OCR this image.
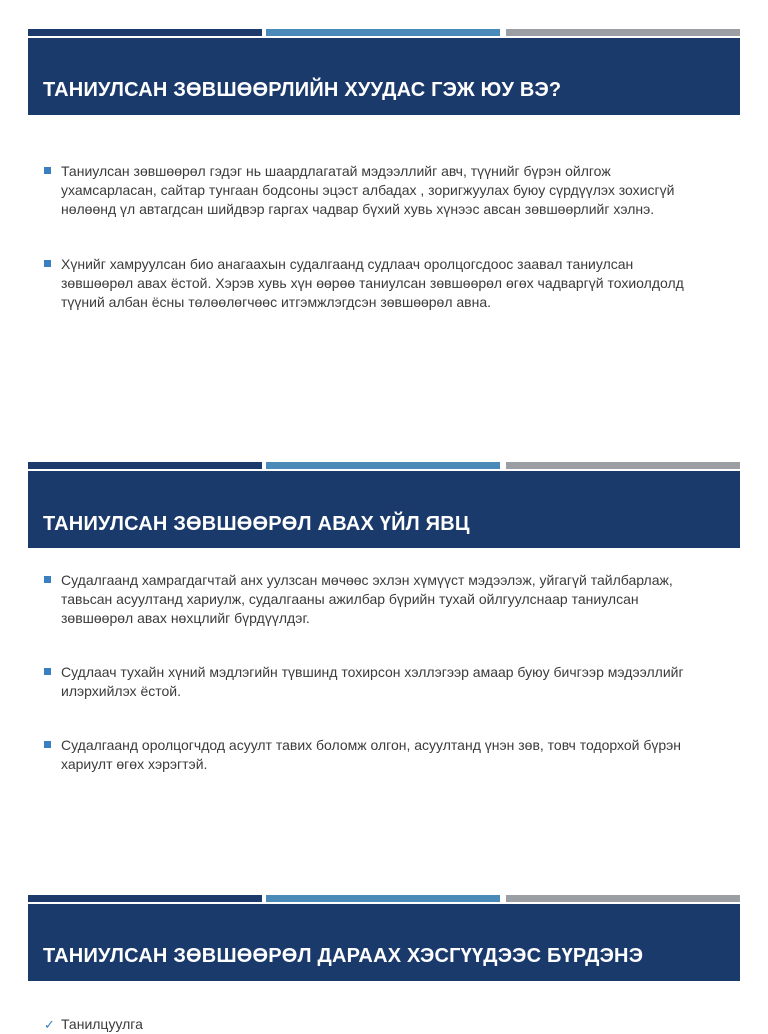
ТАНИУЛСАН ЗӨВШӨӨРЛИЙН ХУУДАС ГЭЖ ЮУ ВЭ?
Таниулсан зөвшөөрөл гэдэг нь шаардлагатай мэдээллийг авч, түүнийг бүрэн ойлгож ухамсарласан, сайтар тунгаан бодсоны эцэст албадах , зоригжуулах буюу сүрдүүлэх зохисгүй нөлөөнд үл автагдсан шийдвэр гаргах чадвар бүхий хувь хүнээс авсан зөвшөөрлийг хэлнэ.
Хүнийг хамруулсан био анагаахын судалгаанд судлаач оролцогсдоос заавал таниулсан зөвшөөрөл авах ёстой. Хэрэв хувь хүн өөрөө таниулсан зөвшөөрөл өгөх чадваргүй тохиолдолд түүний албан ёсны төлөөлөгчөөс итгэмжлэгдсэн зөвшөөрөл авна.
ТАНИУЛСАН ЗӨВШӨӨРӨЛ АВАХ ҮЙЛ ЯВЦ
Судалгаанд хамрагдагчтай анх уулзсан мөчөөс эхлэн хүмүүст мэдээлэж, уйгагүй тайлбарлаж, тавьсан асуултанд хариулж, судалгааны ажилбар бүрийн тухай ойлгуулснаар таниулсан зөвшөөрөл авах нөхцлийг бүрдүүлдэг.
Судлаач тухайн хүний мэдлэгийн түвшинд тохирсон хэллэгээр амаар буюу бичгээр мэдээллийг илэрхийлэх ёстой.
Судалгаанд оролцогчдод асуулт тавих боломж олгон, асуултанд үнэн зөв, товч тодорхой бүрэн хариулт өгөх хэрэгтэй.
ТАНИУЛСАН ЗӨВШӨӨРӨЛ ДАРААХ ХЭСГҮҮДЭЭС БҮРДЭНЭ
✓ Танилцуулга
